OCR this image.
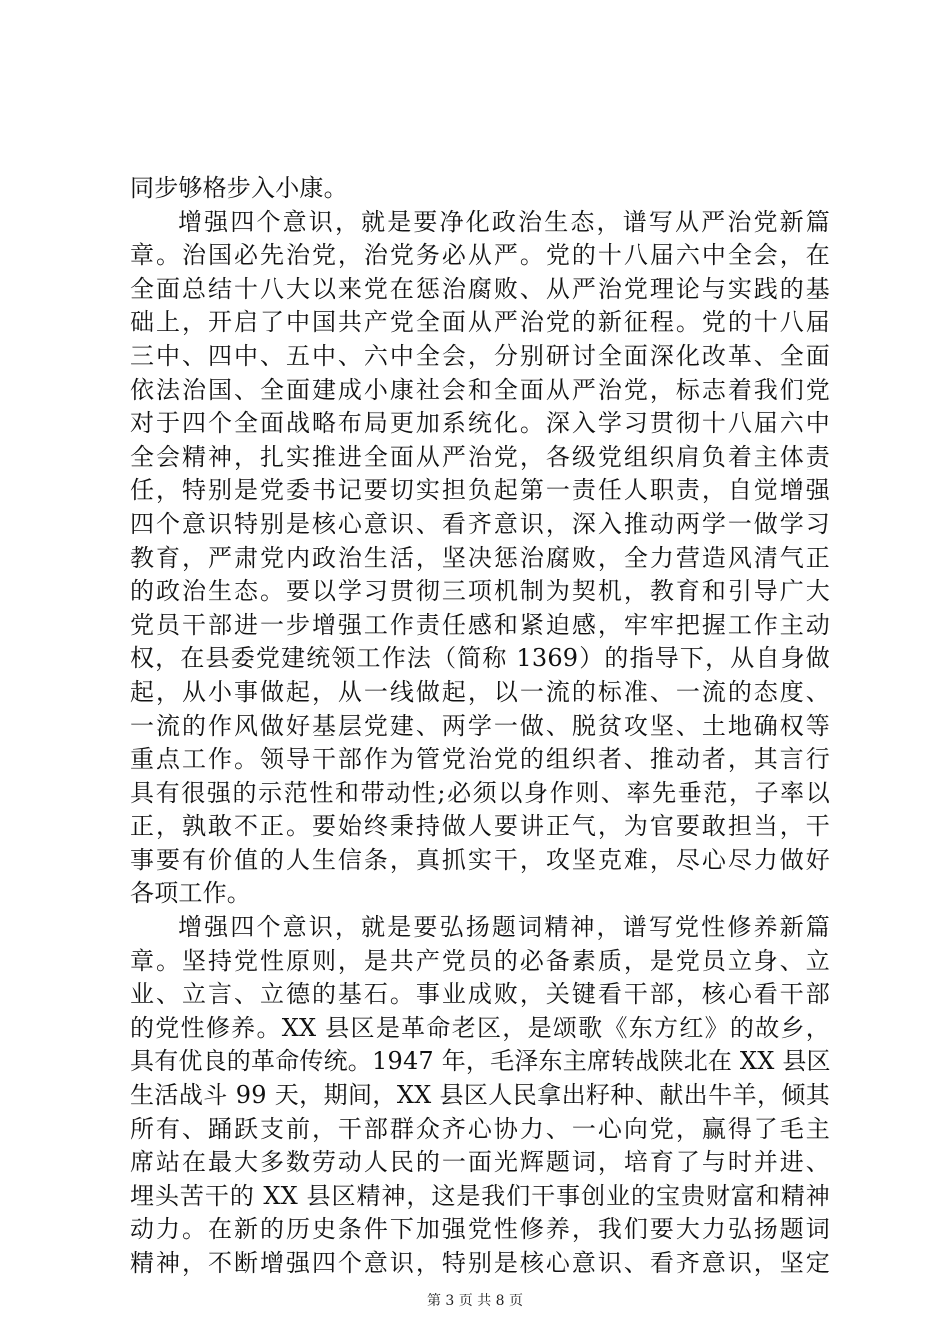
同步够格步入小康。
增强四个意识，就是要净化政治生态，谱写从严治党新篇
章。治国必先治党，治党务必从严。党的十八届六中全会，在
全面总结十八大以来党在惩治腐败、从严治党理论与实践的基
础上，开启了中国共产党全面从严治党的新征程。党的十八届
三中、四中、五中、六中全会，分别研讨全面深化改革、全面
依法治国、全面建成小康社会和全面从严治党，标志着我们党
对于四个全面战略布局更加系统化。深入学习贯彻十八届六中
全会精神，扎实推进全面从严治党，各级党组织肩负着主体责
任，特别是党委书记要切实担负起第一责任人职责，自觉增强
四个意识特别是核心意识、看齐意识，深入推动两学一做学习
教育，严肃党内政治生活，坚决惩治腐败，全力营造风清气正
的政治生态。要以学习贯彻三项机制为契机，教育和引导广大
党员干部进一步增强工作责任感和紧迫感，牢牢把握工作主动
权，在县委党建统领工作法（简称 1369）的指导下，从自身做
起，从小事做起，从一线做起，以一流的标准、一流的态度、
一流的作风做好基层党建、两学一做、脱贫攻坚、土地确权等
重点工作。领导干部作为管党治党的组织者、推动者，其言行
具有很强的示范性和带动性;必须以身作则、率先垂范，子率以
正，孰敢不正。要始终秉持做人要讲正气，为官要敢担当，干
事要有价值的人生信条，真抓实干，攻坚克难，尽心尽力做好
各项工作。
增强四个意识，就是要弘扬题词精神，谱写党性修养新篇
章。坚持党性原则，是共产党员的必备素质，是党员立身、立
业、立言、立德的基石。事业成败，关键看干部，核心看干部
的党性修养。XX 县区是革命老区，是颂歌《东方红》的故乡，
具有优良的革命传统。1947 年，毛泽东主席转战陕北在 XX 县区
生活战斗 99 天，期间，XX 县区人民拿出籽种、献出牛羊，倾其
所有、踊跃支前，干部群众齐心协力、一心向党，赢得了毛主
席站在最大多数劳动人民的一面光辉题词，培育了与时并进、
埋头苦干的 XX 县区精神，这是我们干事创业的宝贵财富和精神
动力。在新的历史条件下加强党性修养，我们要大力弘扬题词
精神，不断增强四个意识，特别是核心意识、看齐意识，坚定
第 3 页 共 8 页
